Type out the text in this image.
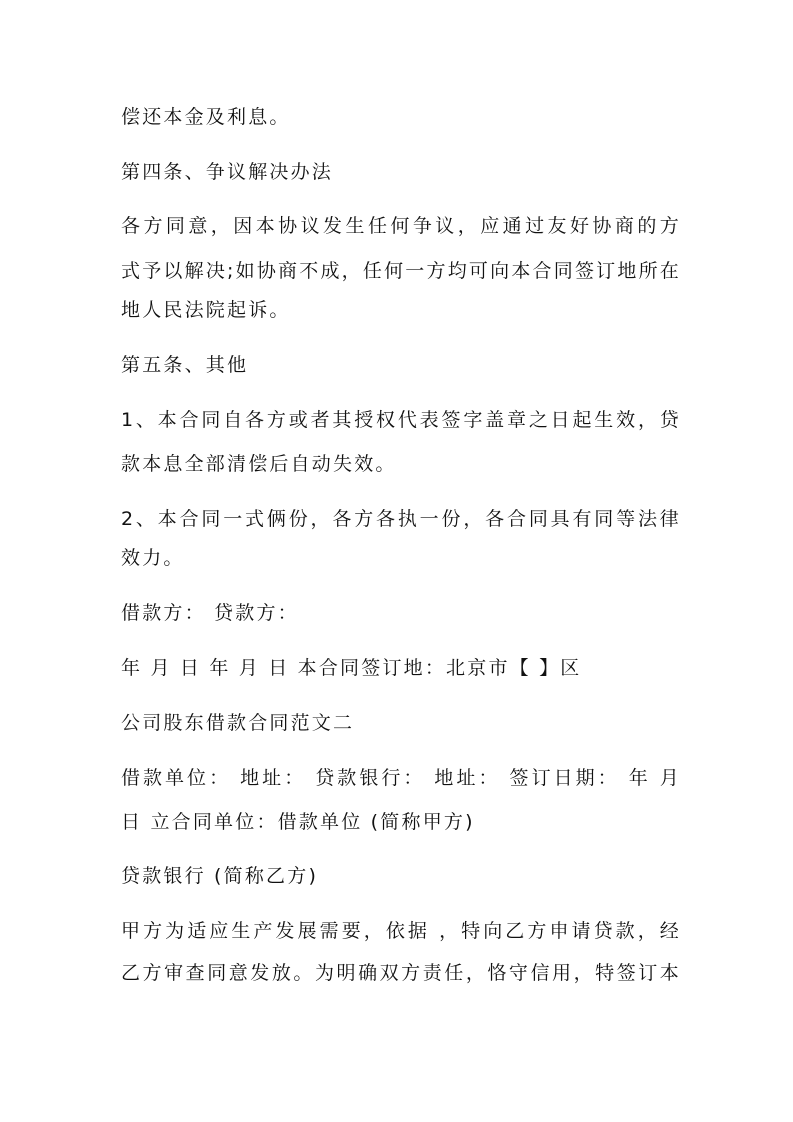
偿还本金及利息。
第四条、争议解决办法
各方同意，因本协议发生任何争议，应通过友好协商的方
式予以解决;如协商不成，任何一方均可向本合同签订地所在
地人民法院起诉。
第五条、其他
1、本合同自各方或者其授权代表签字盖章之日起生效，贷
款本息全部清偿后自动失效。
2、本合同一式俩份，各方各执一份，各合同具有同等法律
效力。
借款方： 贷款方：
年 月 日 年 月 日 本合同签订地：北京市【 】区
公司股东借款合同范文二
借款单位： 地址： 贷款银行： 地址： 签订日期： 年 月
日 立合同单位：借款单位 (简称甲方)
贷款银行 (简称乙方)
甲方为适应生产发展需要，依据 ，特向乙方申请贷款，经
乙方审查同意发放。为明确双方责任，恪守信用，特签订本
